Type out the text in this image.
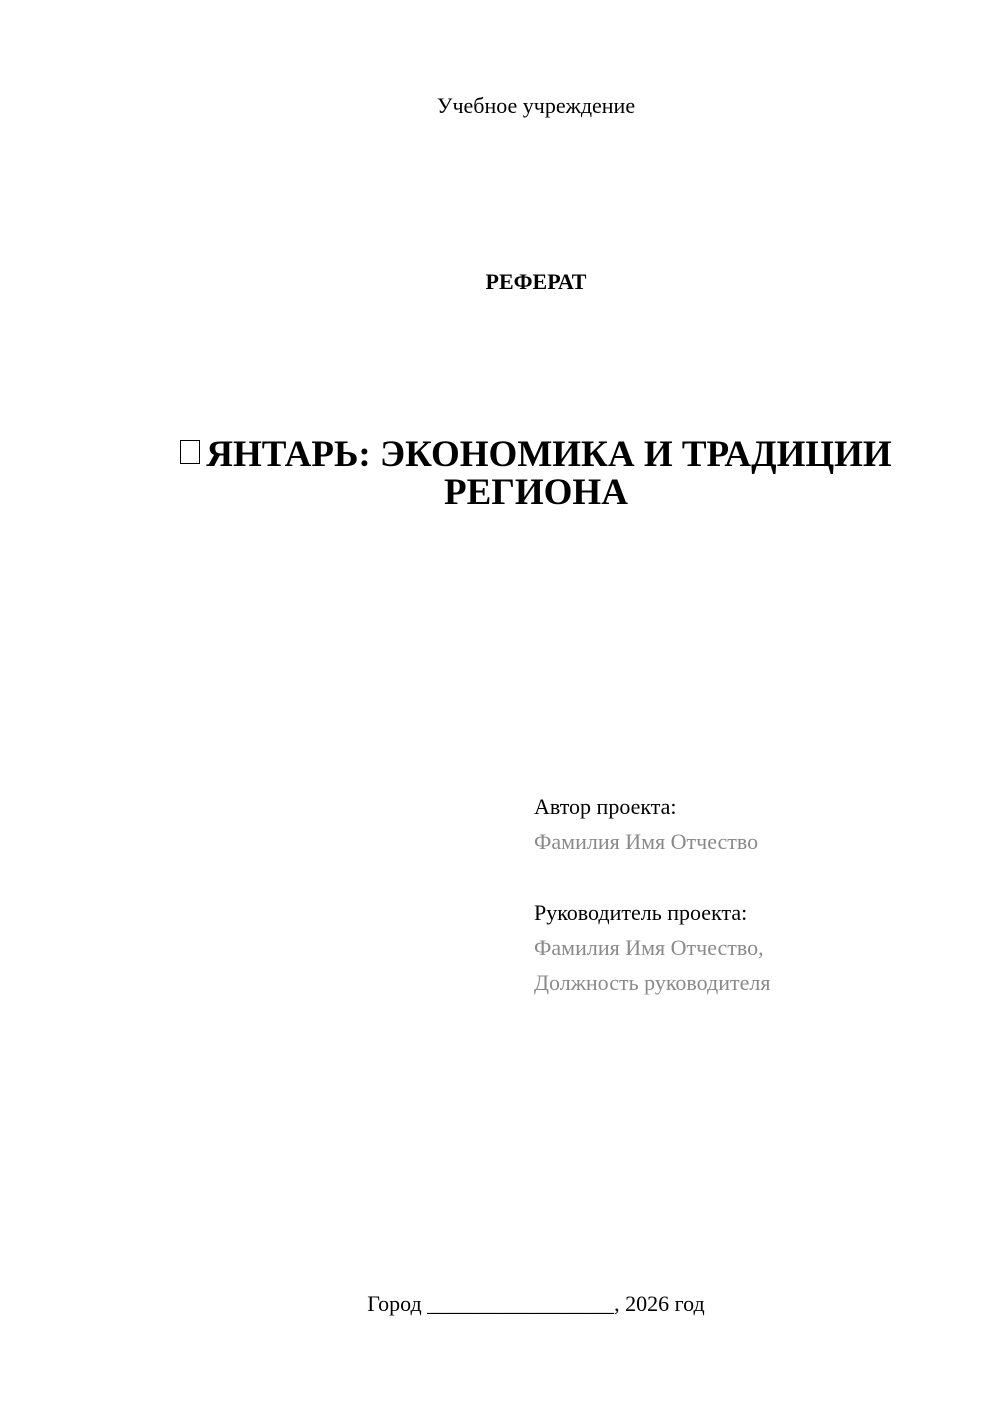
Учебное учреждение
РЕФЕРАТ
ЯНТАРЬ: ЭКОНОМИКА И ТРАДИЦИИ
РЕГИОНА
Автор проекта:
Фамилия Имя Отчество
Руководитель проекта:
Фамилия Имя Отчество,
Должность руководителя
Город _________________, 2026 год
